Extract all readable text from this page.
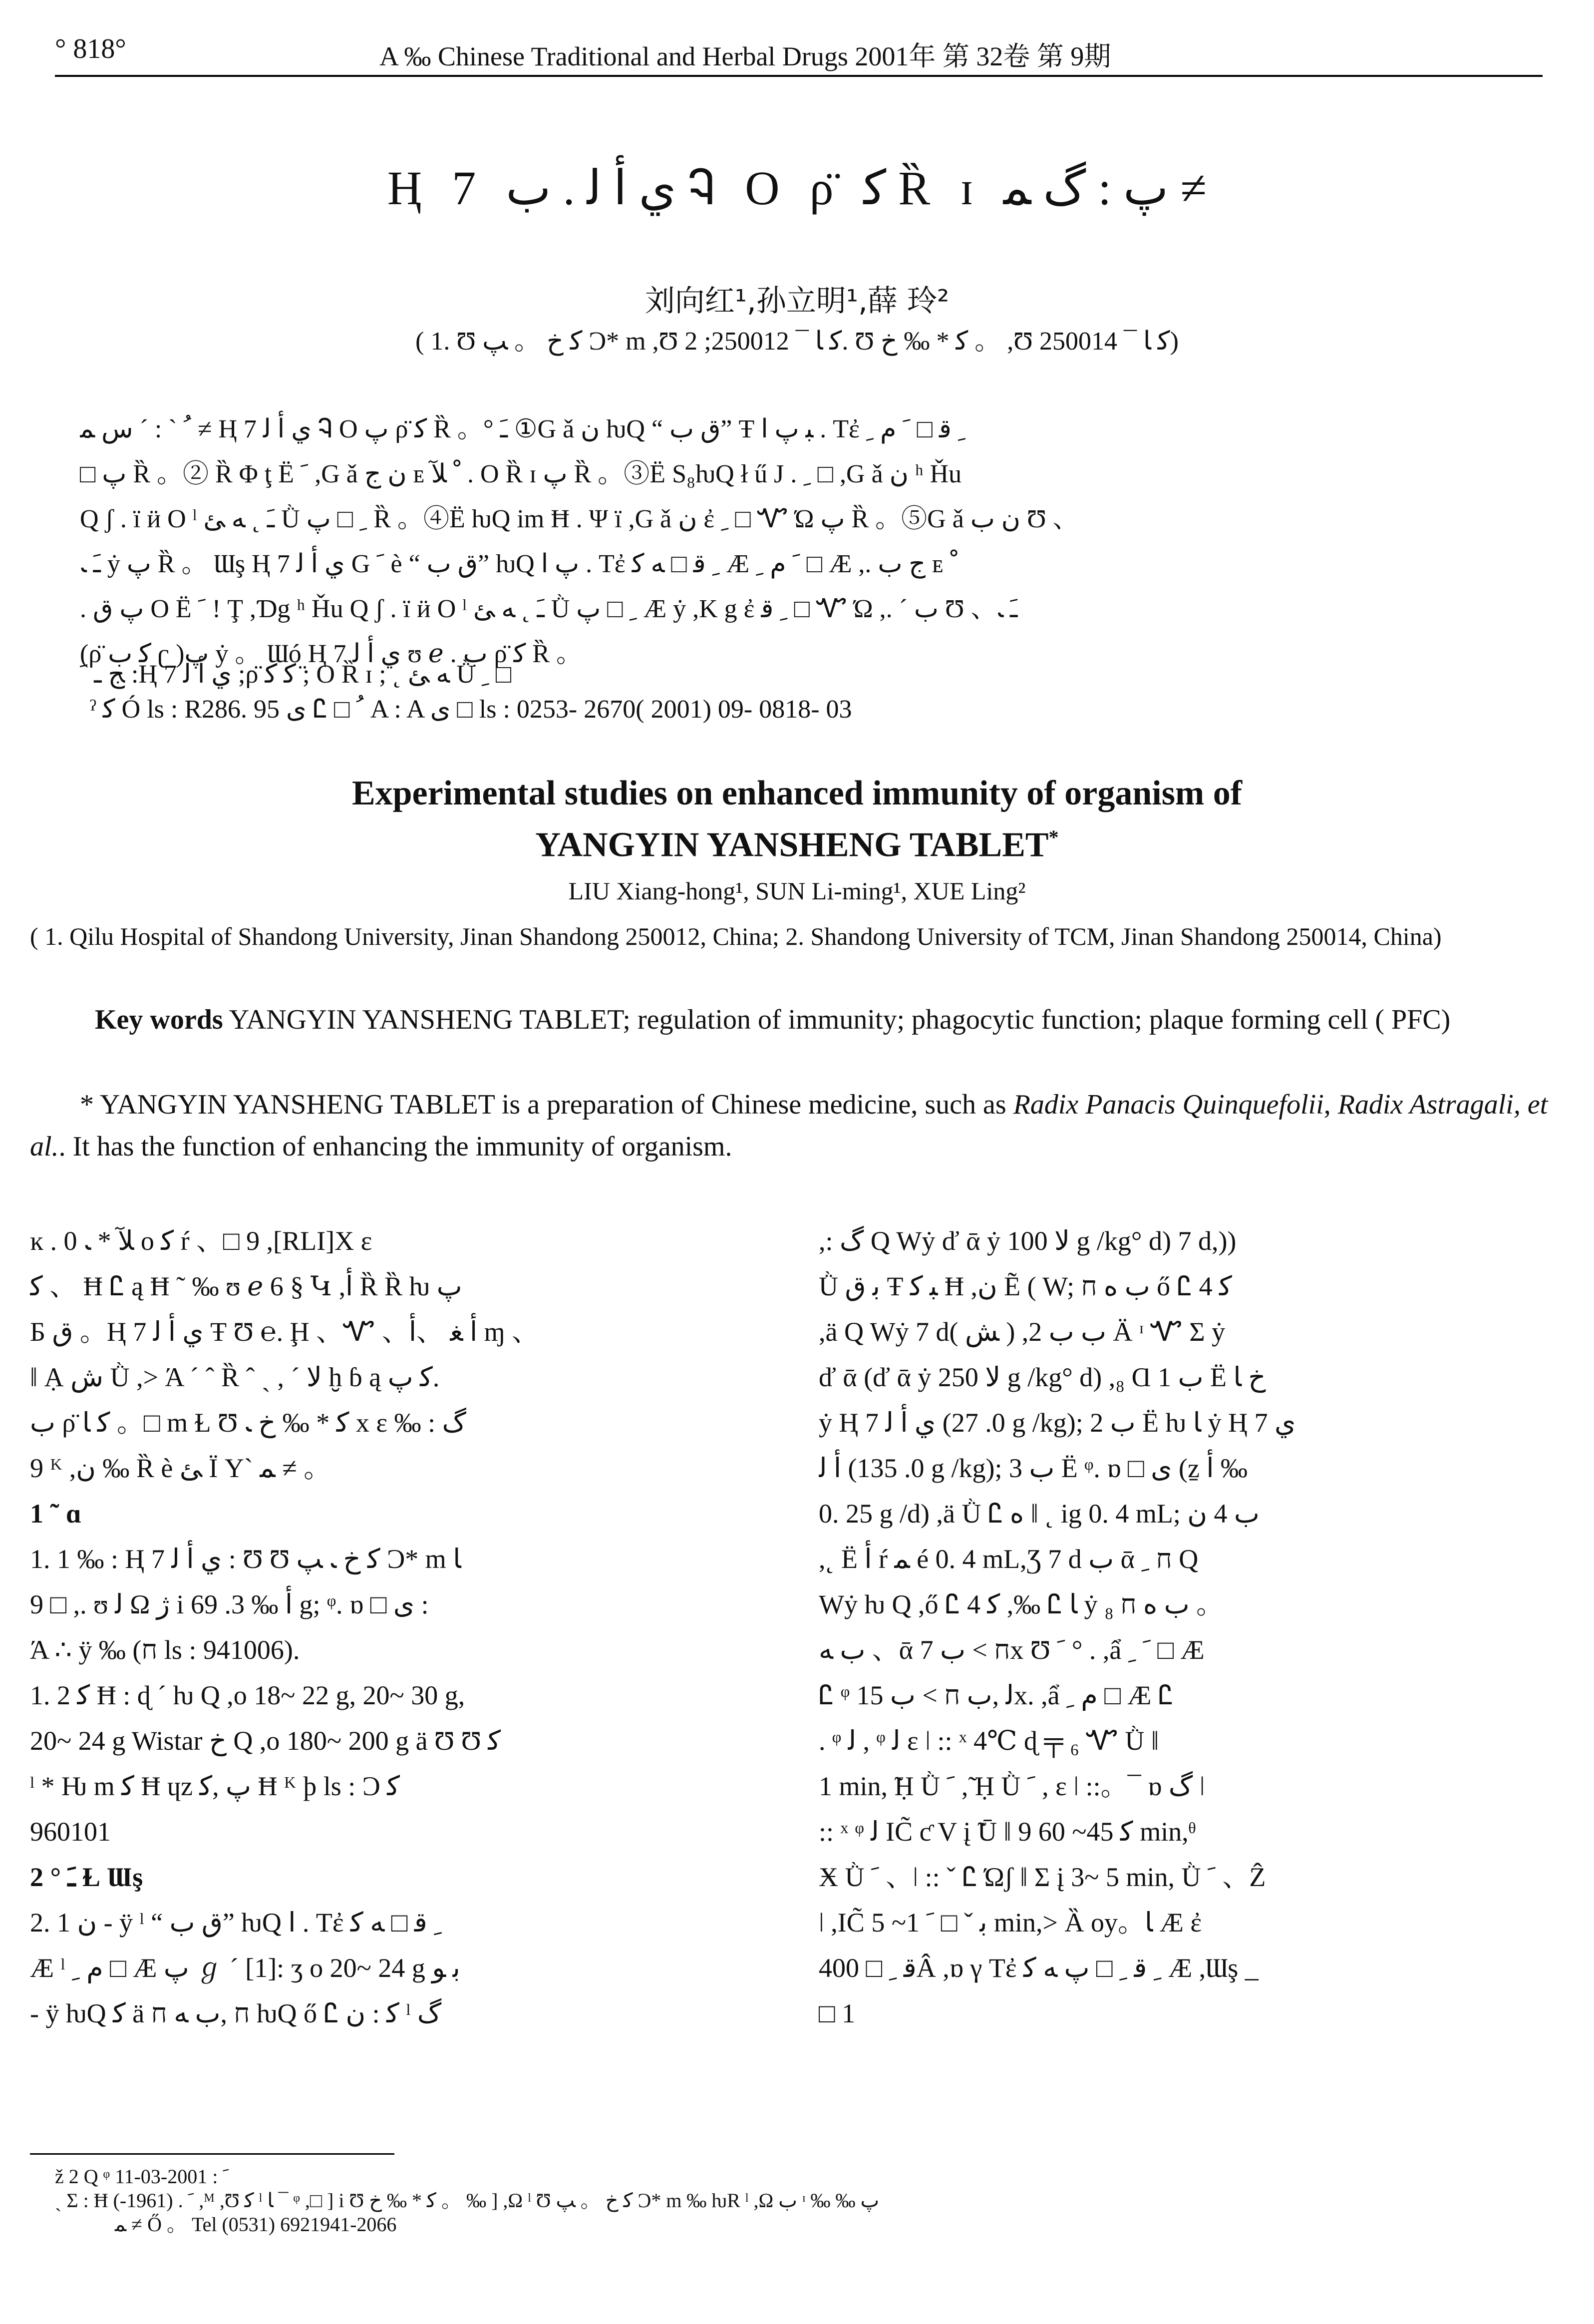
° 818°	A ‰ Chinese Traditional and Herbal Drugs 2001年 第 32卷 第 9期
Ң 7 ي ﺃ ﻟ . ﺏ Ꮈ Ο ρ̈ ﻛ Ȑ ɪ ﭖ : ﮒ ﻤ ≠
刘向红¹,孙立明¹,薛 玲²
( 1. Ʊ ﮐ ﺥ 。 ﭗ Ɔ* m ,Ʊ ﮐ ﺎ ¯ 250012; 2. Ʊ ﮐ * ‰ ﺥ 。 ,Ʊ ﮐ ﺎ ¯ 250014)
ﹸ ` : ˊ ﺱ ﻤ ≠ Ң 7 ي ﺃ ﻟ Ꮈ Ο ﭖ ρ̈ ﻛ Ȑ 。° ﹷ ①G ǎ ن ƕQ “ ق ﺏ” Ŧ ﺒ ﭖ ﺍ . Tἐ ﹺ ﻗ □ ﹶ ﻡ ﹺ
□ ﭖ Ȑ 。② Ȑ Φ ţ Ë ﹶ ,G ǎ ن ﺝ ᴇ ﹾ ﻶ . Ο Ȑ ɪ ﭖ Ȑ 。③Ë S₈ƕQ ł ű J . ﹺ □ ,G ǎ ن ʰ Ȟu
Q ʃ . ï ӥ Ο ˡ ﹷ ˛ ﻪ ﺊ Ǜ ﹺ □ ﭖ Ȑ 。④Ë ƕQ im Ħ . Ψ ï ,G ǎ ن ἐ ﹺ □ Ꮙ Ώ ﭖ Ȑ 。⑤G ǎ ن ﺏ Ʊ 、
ﹷ ﹳ ẏ ﭖ Ȑ 。 Ɯş Ң 7 ي ﺃ ﻟ G ﹶ è “ ق ﺏ” ƕQ ﭖ ﺍ . Tἐ ﹺ ﻗ □ ﻪ ﮐ Æ ﹶ ﻡ ﹺ □ Æ ,. ﺝ ﺏ ᴇ ﹾ
. ﭖ ﻕ Ο Ë ﹶ ! Ţ ,Ɗg ʰ Ȟu Q ʃ . ï ӥ Ο ˡ ﹷ ˛ ﻪ ﺊ Ǜ ﹺ □ ﭖ Æ ẏ ,K g ἐ ﹺ ﻗ □ Ꮙ Ώ ,. ˊ ﺏ Ʊ 、ﹷ ﹳ
(ρ̈ ﻛ ﺏ ʗ )ﭖ ẏ 。 Ɯó Ң 7 ي ﺃ ﻟ ʊ ℯ . ﺏ ρ̈ ﻛ Ȑ 。
ﺞ ـ ﹶ :Ң 7 ي ﺃ ﻟ ;ρ̈ ﻛ ﮐ ;̈ Ο Ȑ ɪ ; ˛ ﻪ ﺊ Ǜ ﹺ □
ˀ ﮐ Ó ls : R286. 95 ى Ꮭ □ ﹸ A : A ى □ ls : 0253- 2670( 2001) 09- 0818- 03
Experimental studies on enhanced immunity of organism of
YANGYIN YANSHENG TABLET*
LIU Xiang-hong¹, SUN Li-ming¹, XUE Ling²
( 1. Qilu Hospital of Shandong University, Jinan Shandong 250012, China; 2. Shandong University of TCM, Jinan Shandong 250014, China)
Key words YANGYIN YANSHENG TABLET; regulation of immunity; phagocytic function; plaque forming cell ( PFC)
* YANGYIN YANSHENG TABLET is a preparation of Chinese medicine, such as Radix Panacis Quinquefolii, Radix Astragali, et al.. It has the function of enhancing the immunity of organism.
ĸ . ﻶ * ﹳ 0 ο ﮐ ŕ 、□ 9 ,[RLI]X ε
ﮐ 、 Ħ Ꮭ ą Ħ ˜ ‰ ʊ ℯ 6 § Կ ,ﺃ Ȑ Ȑ ƕ ﭖ
Б ﻕ 。Ң 7 ي ﺃ ﻟ Ŧ Ʊ ℮. Ḩ 、Ꮙ 、ﺃ ﻐ 、ﺃ ɱ 、
‖ Ạ ﺵ Ǜ ,> Ά ˊ ˆ Ȑ ˆ ˎ , ˊ ﻻ ḫ ɓ ą ﻛ ﭖ.
ﺏ ρ̈ ﻛ ﺎ 。□ m Ɫ Ʊ ﮐ * ‰ ﺥ ﹳ x ε ‰ : ﮒ
9 ᴷ ,ﻥ ‰ Ȑ è ﺊ Ï Υ` ﻤ ≠ 。
1 ˜ ɑ
1. 1 ‰ : Ң 7 ي ﺃ ﻟ : Ʊ Ʊ ﮐ ﺥ ﹳ ﭗ Ɔ* m ﺎ
9 □ ,. ʊ ﻟ Ω ﮊ i ﺃ ‰ 3. 69 g; ᵠ. ɒ □ ى :
Ά ∴ ÿ ‰ (ח ls : 941006).
1. 2 ﮐ Ħ : ɖ ˊ ƕ Q ,ο 18~ 22 g, 20~ 30 g,
20~ 24 g Wistar ﺥ Q ,ο 180~ 200 g ä Ʊ Ʊ ﮐ
ˡ * Ƕ m ﮐ Ħ ɥz ﭖ ,ﮐ Ħ ᴷ þ ls : Ɔ ﮐ
960101
2 ° ﹷ Ɫ Ɯş
2. 1 ن - ÿ ˡ “ ق ﺏ” ƕQ ﺍ . Tἐ ﹺ ﻗ □ ﻪ ﮐ
Æ ˡ ﻡ ﹺ □ Æ ﭖ ℊ ˊ [1]: ʒ ο 20~ 24 g ﺑ ﻮ
- ÿ ƕQ ﮐ ä ח ,ﺏ ﻪ ח ƕQ ő Ꮭ ﮐ : ن ˡ ﮒ
,: ﮒ Q Wẏ ď ᾱ ẏ ﻻ 100 g /kg° d) 7 d,))
Ǜ ﺑ ق Ŧ ﺒ ﮐ Ħ ,ن Ẽ ( W; ﺏ ﻩ ח ő Ꮭ ﮐ 4
,ä Q Wẏ 7 d( ﺶ ) ,ﺏ ﺏ 2 Ӓ ᶦ Ꮙ Σ ẏ
ď ᾱ (ď ᾱ ẏ ﻻ 250 g /kg° d) ,₈ Ɑ ﺏ 1 Ë ﺥ ﺎ
ẏ Ң 7 ي ﺃ ﻟ (0. 27 g /kg); ﺏ 2 Ë ƕ ﺎ ẏ Ң 7 ي
ﺃ ﻟ (0. 135 g /kg); ﺏ 3 Ë ᵠ. ɒ □ ى (ẕ ﺃ ‰
0. 25 g /d) ,ä Ǜ Ꮭ ﻩ ‖ ˛ ig 0. 4 mL; ﺏ 4 ن
,˛ Ë ﺃ ŕ ﻤ é 0. 4 mL,Ʒ 7 d ﺏ ᾱ ח ﹺ Q
Wẏ ƕ Q ,ő Ꮭ ﮐ 4 ,‰ Ꮭ ﺎ ẏ ₈ ﺏ ﻩ ח 。
ﺏ ﻪ 、ᾱ ח > ﺏ 7x Ʊ ﹶ ° . ,ẩ ﹶ ﹺ □ Æ
Ꮭ ᵠ ﻟ ,ﺏ ח > ﺏ 15x. ,ẩ ﻡ ﹺ □ Æ Ꮭ
. ᵠ ﻟ , ᵠ ﻟ ε ǀ :: ˣ 4℃ ɖ ╤ ₆ Ꮙ Ǜ ‖
1 min, ̃Ḥ Ǜ ﹶ , ̃Ḥ Ǜ ﹶ , ε ǀ ::。¯ ɒ ﮒ ǀ
:: ˣ ᵠ ﻟ IC̃ ƈ V į ̃Ū ‖ 9 ﻛ 45~ 60 min,ᶿ
Ӿ Ǜ ﹶ 、ǀ :: ˇ Ꮭ Ώʃ ‖ Σ į 3~ 5 min, Ǜ ﹶ 、Ẑ
ǀ ,IC̃ ﺑ ˇ □ ﹶ 1~ 5 min,> Ȁ oy。ﺎ Æ ἐ
ﻗ ﹺ □ 400Â ,ɒ γ Tἐ ﹺ ﻗ ﹺ □ ﭖ ﻪ ﮐ Æ ,Ɯş _
□ 1
ž 2 Q ᵠ ﹶ : 2001-03-11
ˎ Σ : Ħ ﹶ . (1961-) ,ᴹ ,Ʊ ﮐ ˡ ﺎ ¯ ᵠ ,□ ] i Ʊ ﮐ * ‰ ﺥ 。 ‰ ] ,Ω ˡ Ʊ ﮐ ﺥ 。 ﭗ Ɔ* m ‰ ƕR ˡ ,Ω ﺏ ᶦ ‰ ‰ ﭖ
ﻤ ≠ Ő 。 Tel (0531) 6921941-2066
